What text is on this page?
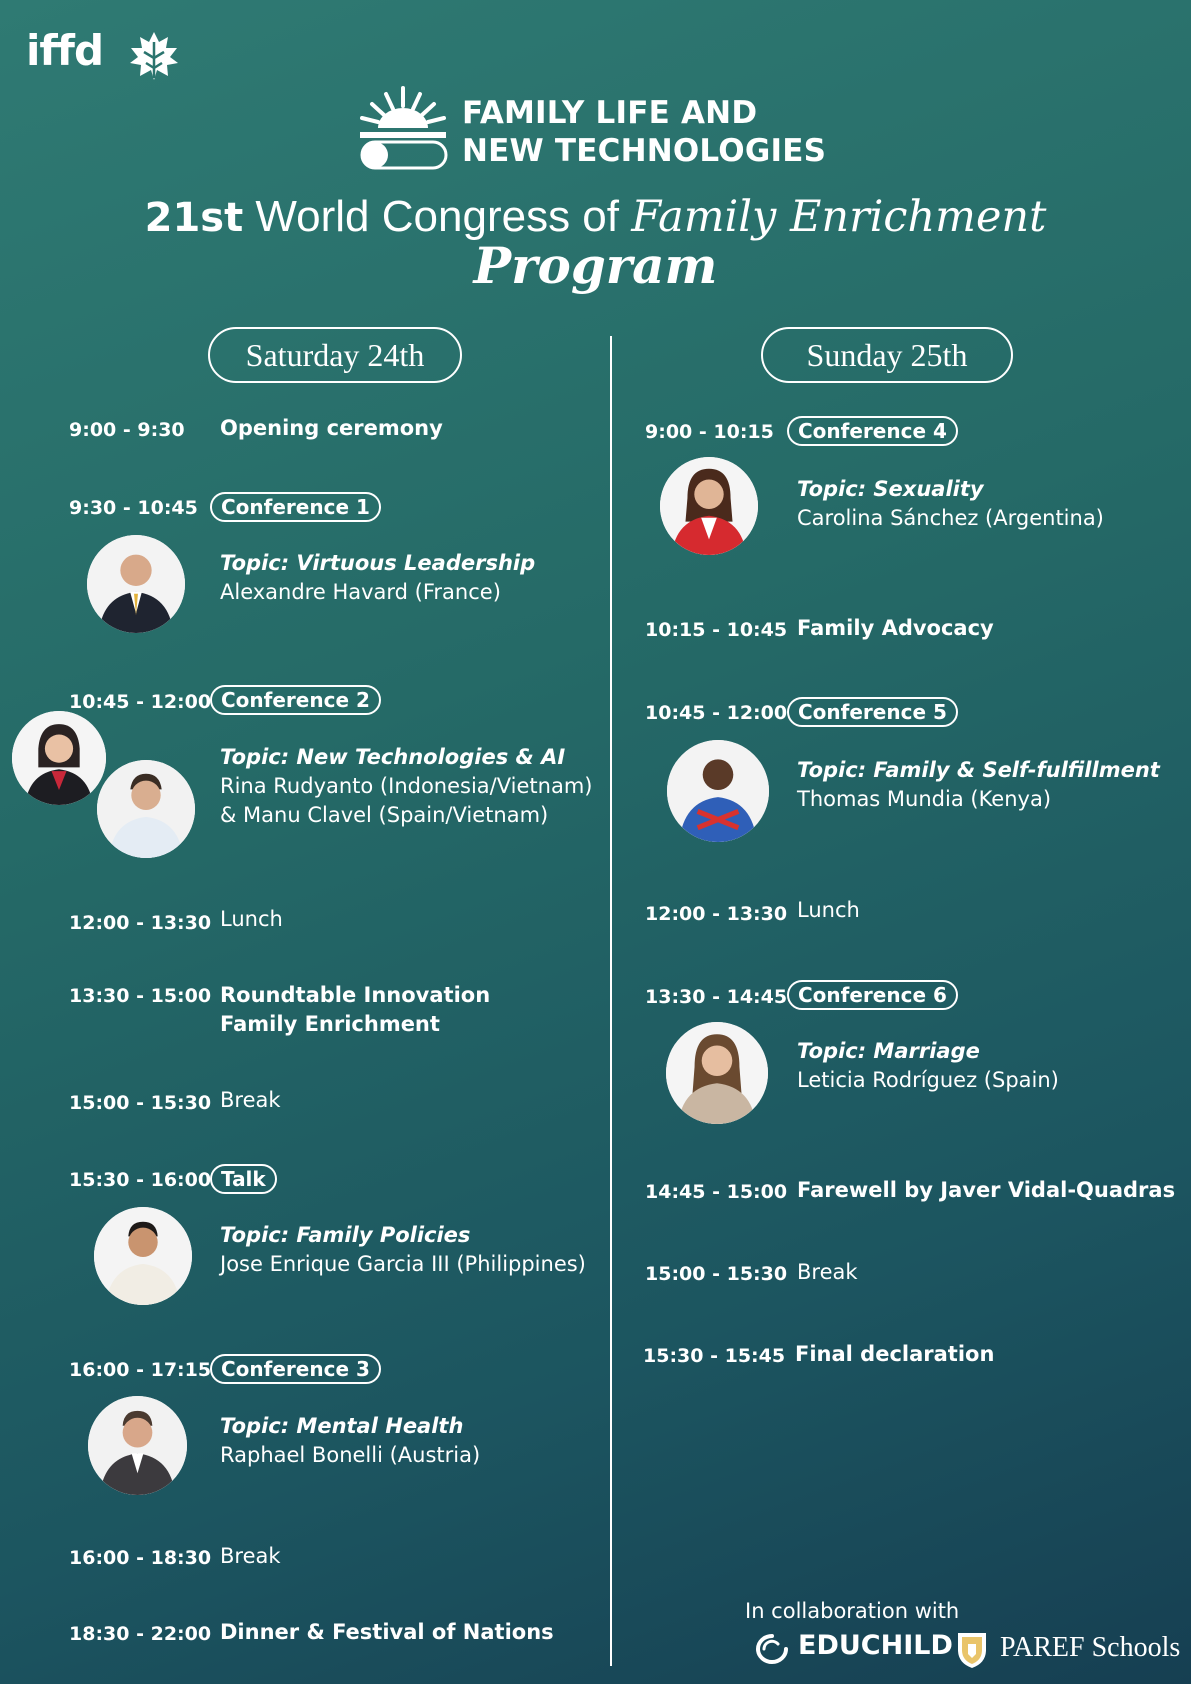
iffd
FAMILY LIFE AND
NEW TECHNOLOGIES
21st World Congress of Family Enrichment
Program
Saturday 24th	Sunday 25th
9:00 - 9:30 Opening ceremony
9:30 - 10:45	Conference 1
Topic: Virtuous Leadership
Alexandre Havard (France)
10:45 - 12:00 Conference 2
Topic: New Technologies & AI
Rina Rudyanto (Indonesia/Vietnam)
& Manu Clavel (Spain/Vietnam)
12:00 - 13:30 Lunch
13:30 - 15:00 Roundtable Innovation
Family Enrichment
15:00 - 15:30 Break
15:30 - 16:00 Talk
Topic: Family Policies
Jose Enrique Garcia III (Philippines)
16:00 - 17:15 Conference 3
Topic: Mental Health
Raphael Bonelli (Austria)
16:00 - 18:30 Break
18:30 - 22:00 Dinner & Festival of Nations
9:00 - 10:15	Conference 4
Topic: Sexuality
Carolina Sánchez (Argentina)
10:15 - 10:45 Family Advocacy
10:45 - 12:00 Conference 5
Topic: Family & Self-fulfillment
Thomas Mundia (Kenya)
12:00 - 13:30 Lunch
13:30 - 14:45 Conference 6
Topic: Marriage
Leticia Rodríguez (Spain)
14:45 - 15:00 Farewell by Javer Vidal-Quadras
15:00 - 15:30 Break
15:30 - 15:45 Final declaration
In collaboration with
EDUCHILD PAREF Schools
